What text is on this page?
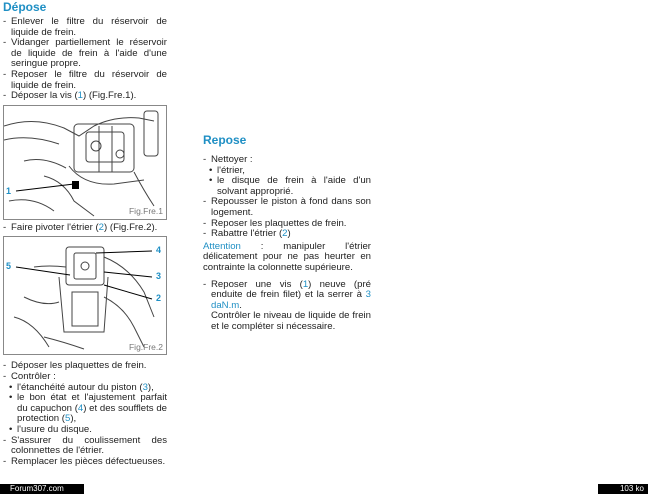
Dépose
- Enlever le filtre du réservoir de liquide de frein.
- Vidanger partiellement le réservoir de liquide de frein à l'aide d'une seringue propre.
- Reposer le filtre du réservoir de liquide de frein.
- Déposer la vis (1) (Fig.Fre.1).
1
Fig.Fre.1
- Faire pivoter l'étrier (2) (Fig.Fre.2).
4
3
2
5
Fig.Fre.2
- Déposer les plaquettes de frein.
- Contrôler :
• l'étanchéité autour du piston (3),
• le bon état et l'ajustement parfait du capuchon (4) et des soufflets de protection (5),
• l'usure du disque.
- S'assurer du coulissement des colonnettes de l'étrier.
- Remplacer les pièces défectueuses.
Repose
- Nettoyer :
• l'étrier,
• le disque de frein à l'aide d'un solvant approprié.
- Repousser le piston à fond dans son logement.
- Reposer les plaquettes de frein.
- Rabattre l'étrier (2)
Attention : manipuler l'étrier délicatement pour ne pas heurter en contrainte la colonnette supérieure.
- Reposer une vis (1) neuve (pré enduite de frein filet) et la serrer à 3 daN.m.
Contrôler le niveau de liquide de frein et le compléter si nécessaire.
Forum307.com	103 ko
